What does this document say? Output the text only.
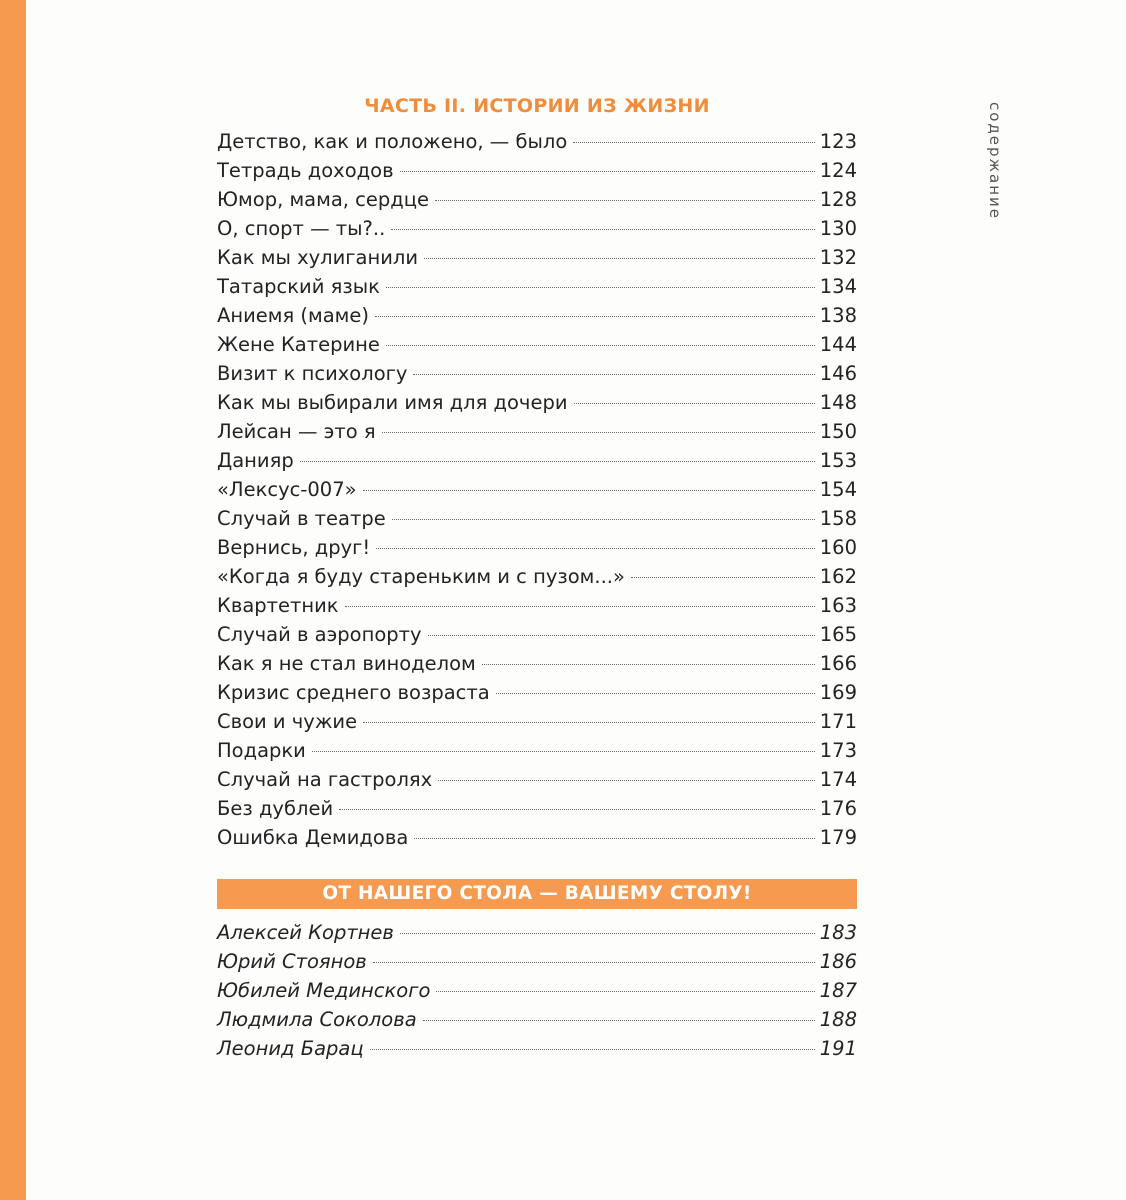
содержание
ЧАСТЬ II. ИСТОРИИ ИЗ ЖИЗНИ
Детство, как и положено, — было	123
Тетрадь доходов	124
Юмор, мама, сердце	128
О, спорт — ты?..	130
Как мы хулиганили	132
Татарский язык	134
Аниемя (маме)	138
Жене Катерине	144
Визит к психологу	146
Как мы выбирали имя для дочери	148
Лейсан — это я	150
Данияр	153
«Лексус-007»	154
Случай в театре	158
Вернись, друг!	160
«Когда я буду стареньким и с пузом...»	162
Квартетник	163
Случай в аэропорту	165
Как я не стал виноделом	166
Кризис среднего возраста	169
Свои и чужие	171
Подарки	173
Случай на гастролях	174
Без дублей	176
Ошибка Демидова	179
ОТ НАШЕГО СТОЛА — ВАШЕМУ СТОЛУ!
Алексей Кортнев	183
Юрий Стоянов	186
Юбилей Мединского	187
Людмила Соколова	188
Леонид Барац	191
